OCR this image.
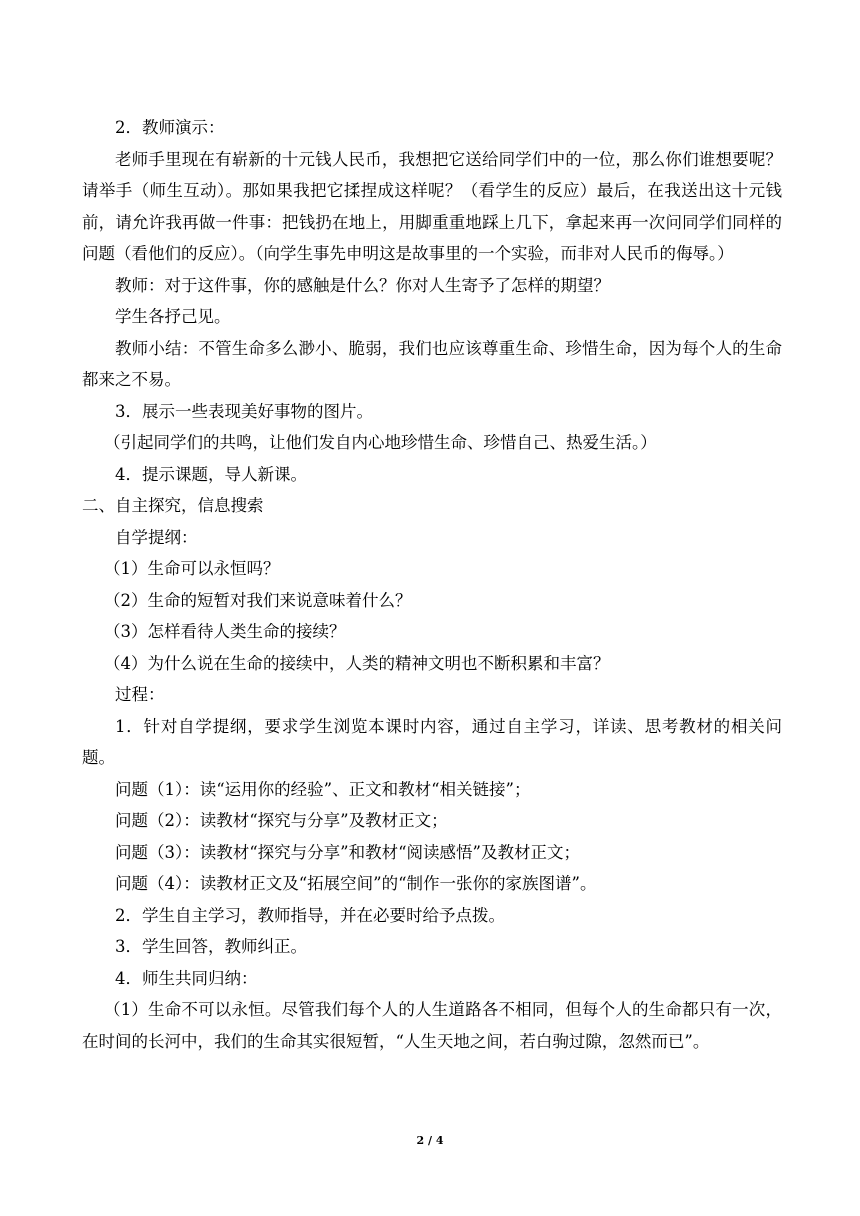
2．教师演示：

老师手里现在有崭新的十元钱人民币，我想把它送给同学们中的一位，那么你们谁想要呢？请举手（师生互动）。那如果我把它揉捏成这样呢？（看学生的反应）最后，在我送出这十元钱前，请允许我再做一件事：把钱扔在地上，用脚重重地踩上几下，拿起来再一次问同学们同样的问题（看他们的反应）。（向学生事先申明这是故事里的一个实验，而非对人民币的侮辱。）

教师：对于这件事，你的感触是什么？你对人生寄予了怎样的期望？

学生各抒己见。

教师小结：不管生命多么渺小、脆弱，我们也应该尊重生命、珍惜生命，因为每个人的生命都来之不易。

3．展示一些表现美好事物的图片。

（引起同学们的共鸣，让他们发自内心地珍惜生命、珍惜自己、热爱生活。）

4．提示课题，导人新课。

二、自主探究，信息搜索

自学提纲：

（1）生命可以永恒吗？

（2）生命的短暂对我们来说意味着什么？

（3）怎样看待人类生命的接续？

（4）为什么说在生命的接续中，人类的精神文明也不断积累和丰富？

过程：

1．针对自学提纲，要求学生浏览本课时内容，通过自主学习，详读、思考教材的相关问题。

问题（1）：读“运用你的经验”、正文和教材“相关链接”；

问题（2）：读教材“探究与分享”及教材正文；

问题（3）：读教材“探究与分享”和教材“阅读感悟”及教材正文；

问题（4）：读教材正文及“拓展空间”的“制作一张你的家族图谱”。

2．学生自主学习，教师指导，并在必要时给予点拨。

3．学生回答，教师纠正。

4．师生共同归纳：

（1）生命不可以永恒。尽管我们每个人的人生道路各不相同，但每个人的生命都只有一次，在时间的长河中，我们的生命其实很短暂，“人生天地之间，若白驹过隙，忽然而已”。

2 / 4
